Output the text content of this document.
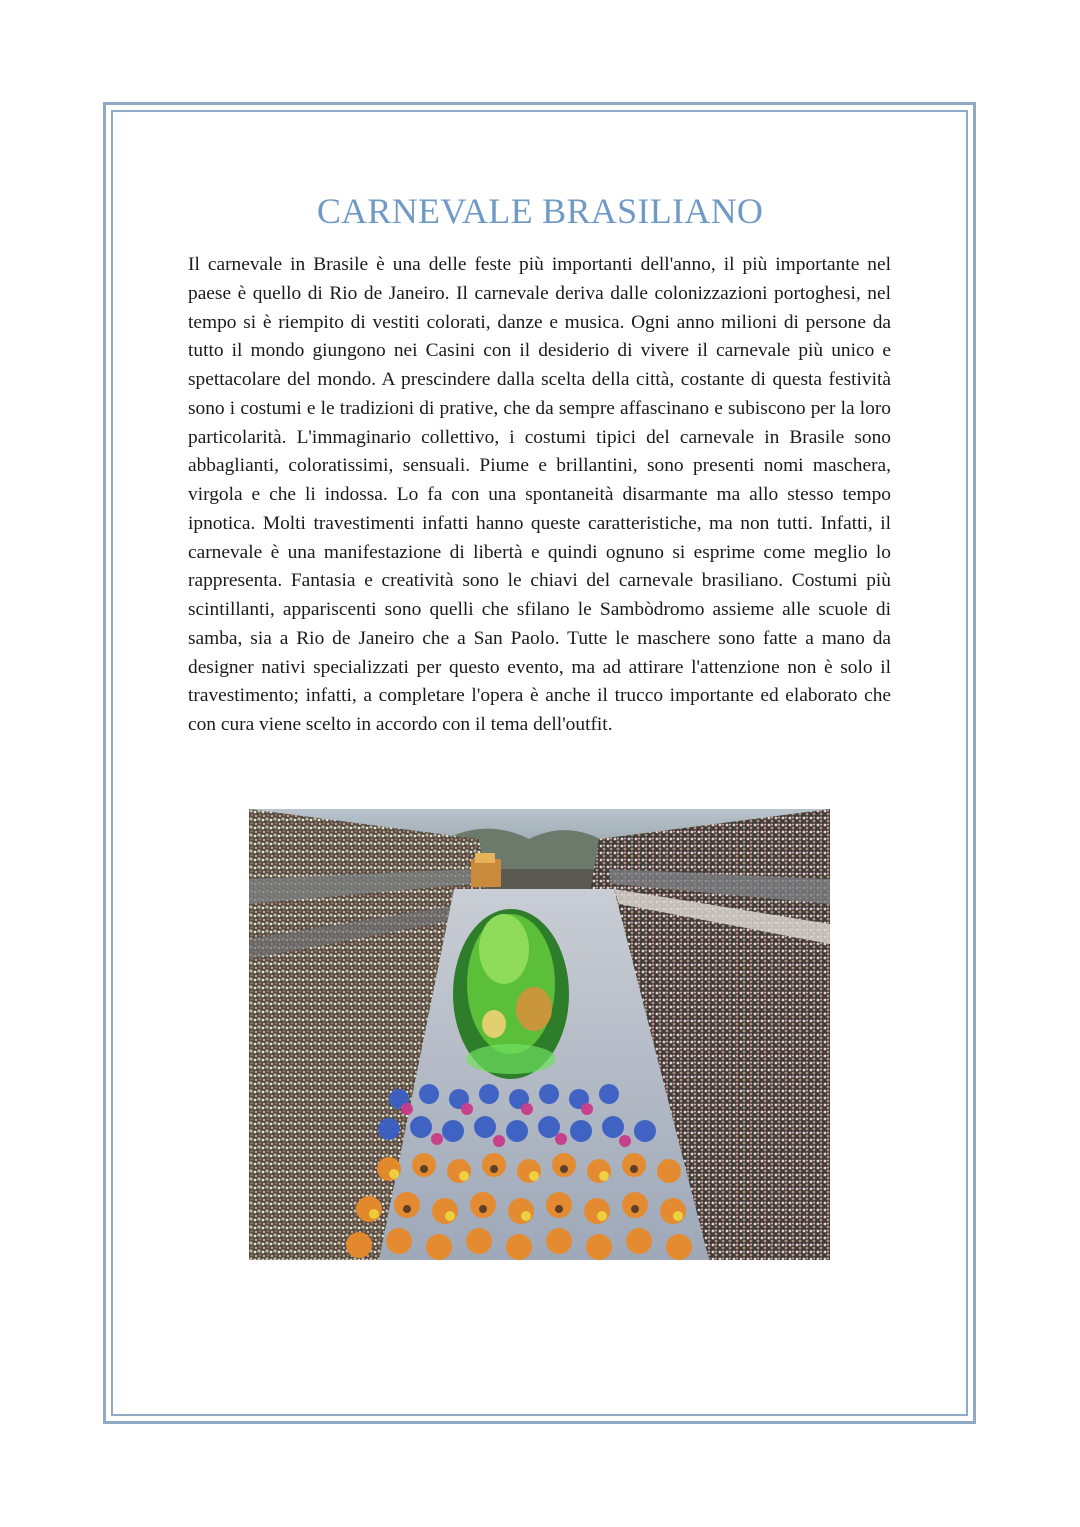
CARNEVALE BRASILIANO

Il carnevale in Brasile è una delle feste più importanti dell'anno, il più importante nel paese è quello di Rio de Janeiro. Il carnevale deriva dalle colonizzazioni portoghesi, nel tempo si è riempito di vestiti colorati, danze e musica. Ogni anno milioni di persone da tutto il mondo giungono nei Casini con il desiderio di vivere il carnevale più unico e spettacolare del mondo. A prescindere dalla scelta della città, costante di questa festività sono i costumi e le tradizioni di prative, che da sempre affascinano e subiscono per la loro particolarità. L'immaginario collettivo, i costumi tipici del carnevale in Brasile sono abbaglianti, coloratissimi, sensuali. Piume e brillantini, sono presenti nomi maschera, virgola e che li indossa. Lo fa con una spontaneità disarmante ma allo stesso tempo ipnotica. Molti travestimenti infatti hanno queste caratteristiche, ma non tutti. Infatti, il carnevale è una manifestazione di libertà e quindi ognuno si esprime come meglio lo rappresenta. Fantasia e creatività sono le chiavi del carnevale brasiliano. Costumi più scintillanti, appariscenti sono quelli che sfilano le Sambòdromo assieme alle scuole di samba, sia a Rio de Janeiro che a San Paolo. Tutte le maschere sono fatte a mano da designer nativi specializzati per questo evento, ma ad attirare l'attenzione non è solo il travestimento; infatti, a completare l'opera è anche il trucco importante ed elaborato che con cura viene scelto in accordo con il tema dell'outfit.
